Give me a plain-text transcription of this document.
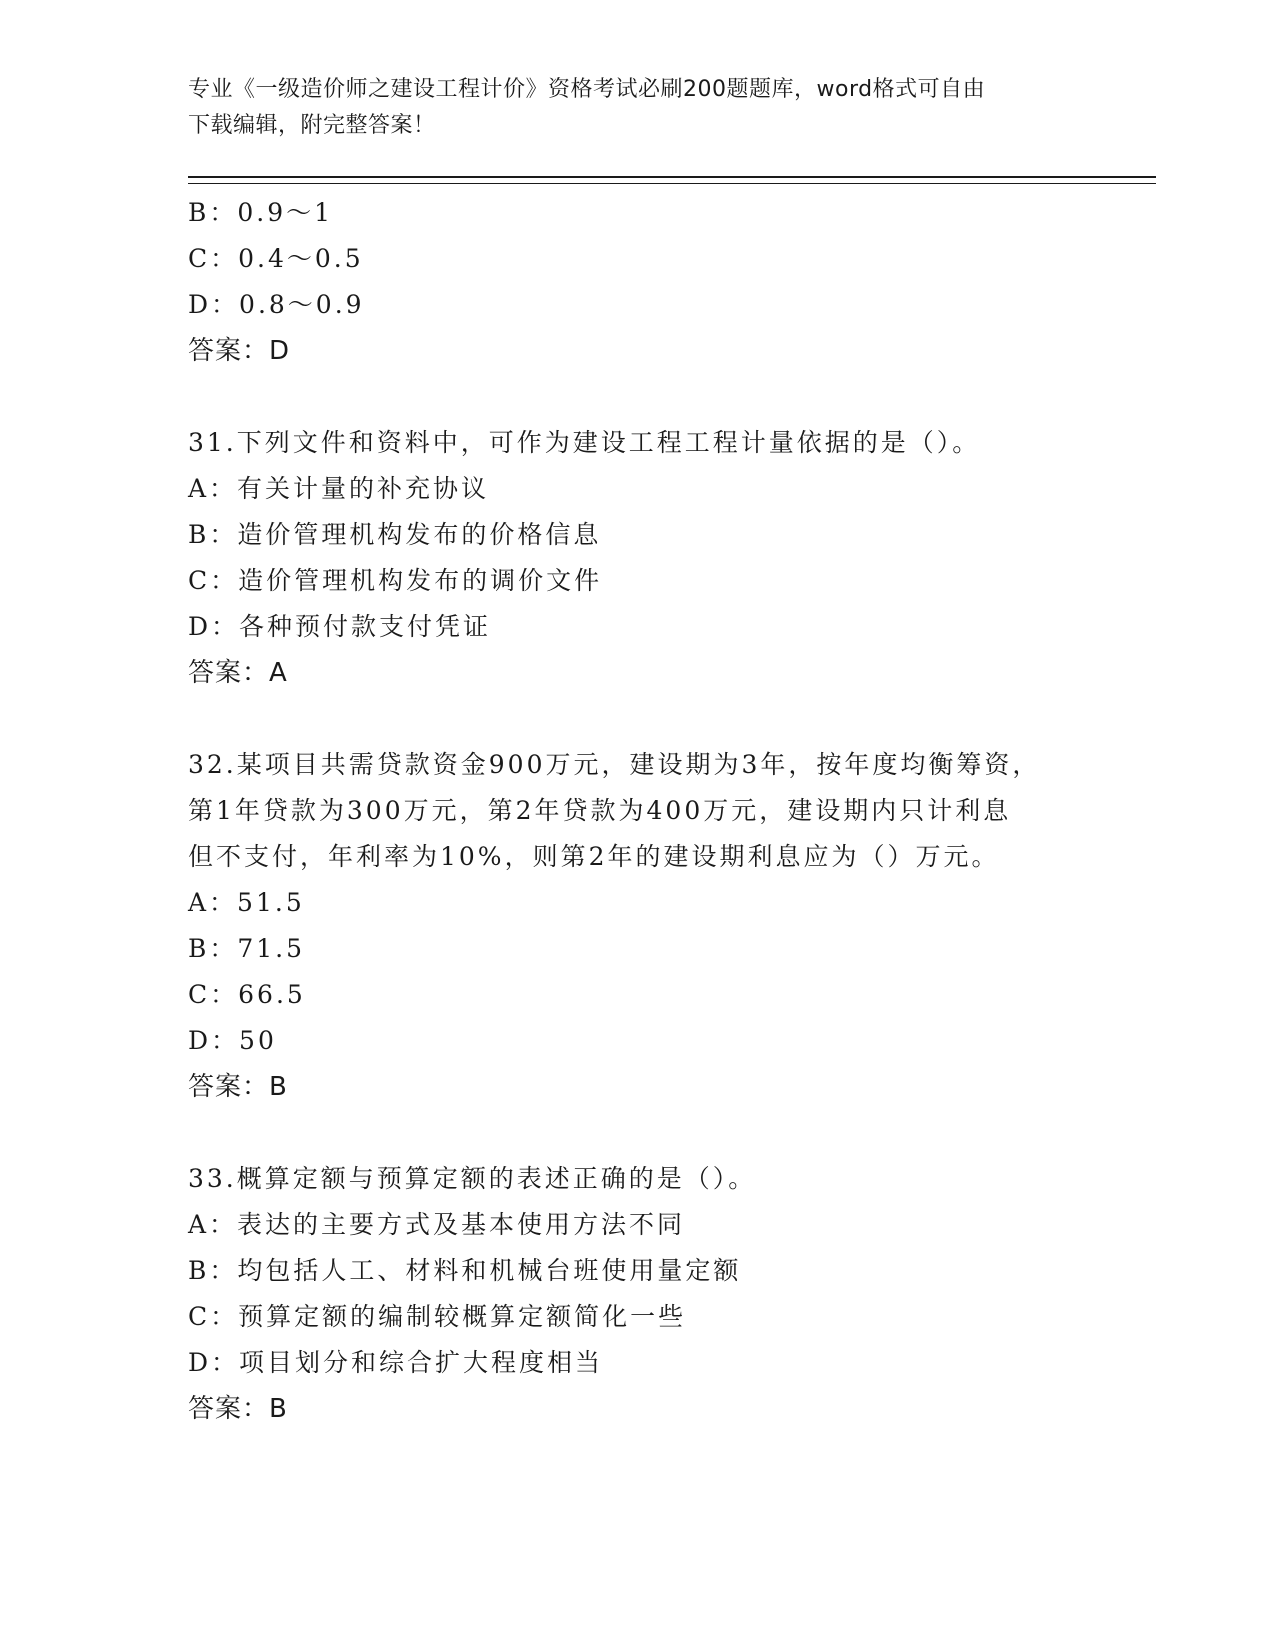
专业《一级造价师之建设工程计价》资格考试必刷200题题库，word格式可自由
下载编辑，附完整答案！
B：0.9～1
C：0.4～0.5
D：0.8～0.9
答案：D
31.下列文件和资料中，可作为建设工程工程计量依据的是（）。
A：有关计量的补充协议
B：造价管理机构发布的价格信息
C：造价管理机构发布的调价文件
D：各种预付款支付凭证
答案：A
32.某项目共需贷款资金900万元，建设期为3年，按年度均衡筹资，
第1年贷款为300万元，第2年贷款为400万元，建设期内只计利息
但不支付，年利率为10%，则第2年的建设期利息应为（）万元。
A：51.5
B：71.5
C：66.5
D：50
答案：B
33.概算定额与预算定额的表述正确的是（）。
A：表达的主要方式及基本使用方法不同
B：均包括人工、材料和机械台班使用量定额
C：预算定额的编制较概算定额简化一些
D：项目划分和综合扩大程度相当
答案：B
